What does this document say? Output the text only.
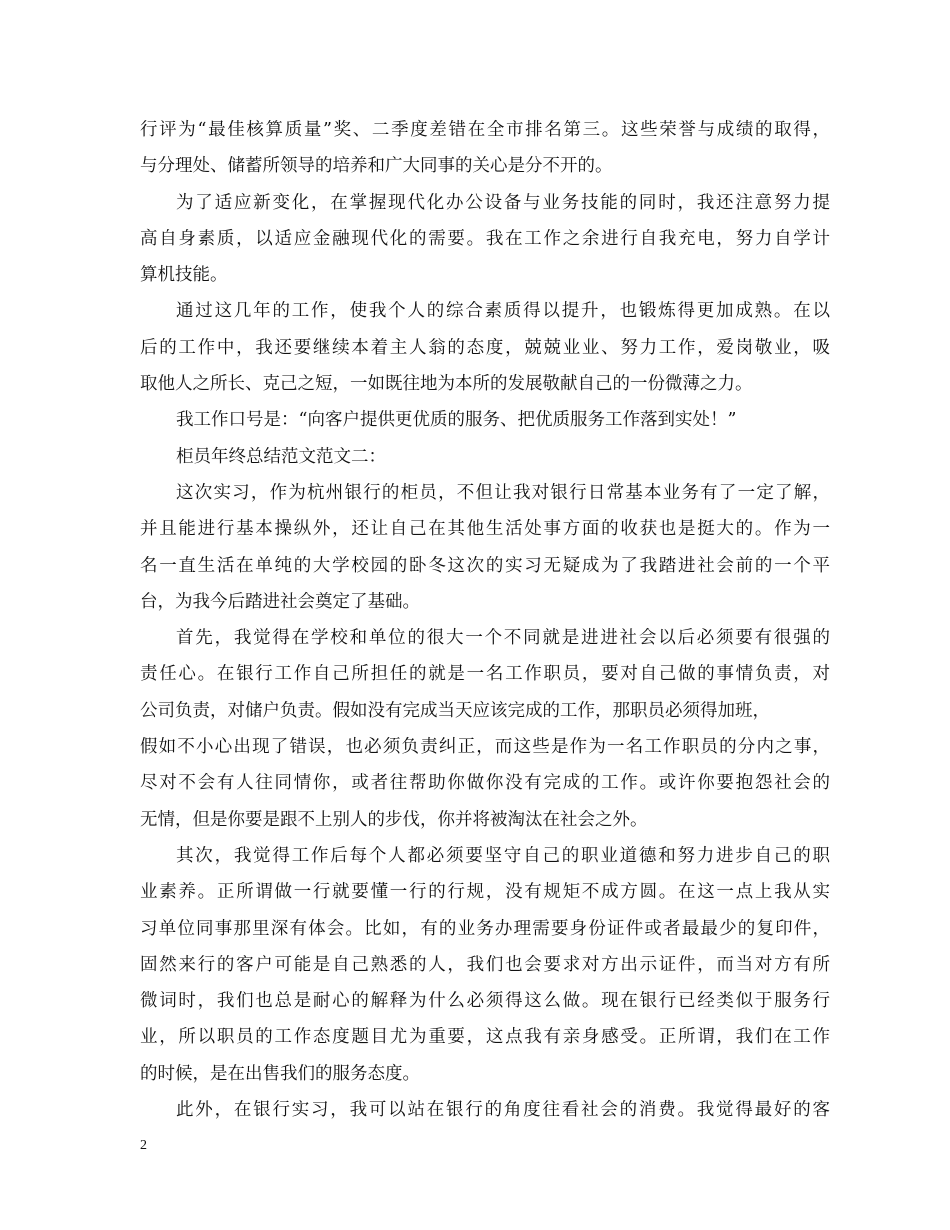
行评为“最佳核算质量”奖、二季度差错在全市排名第三。这些荣誉与成绩的取得，
与分理处、储蓄所领导的培养和广大同事的关心是分不开的。
为了适应新变化，在掌握现代化办公设备与业务技能的同时，我还注意努力提
高自身素质，以适应金融现代化的需要。我在工作之余进行自我充电，努力自学计
算机技能。
通过这几年的工作，使我个人的综合素质得以提升，也锻炼得更加成熟。在以
后的工作中，我还要继续本着主人翁的态度，兢兢业业、努力工作，爱岗敬业，吸
取他人之所长、克己之短，一如既往地为本所的发展敬献自己的一份微薄之力。
我工作口号是：“向客户提供更优质的服务、把优质服务工作落到实处！”
柜员年终总结范文范文二：
这次实习，作为杭州银行的柜员，不但让我对银行日常基本业务有了一定了解，
并且能进行基本操纵外，还让自己在其他生活处事方面的收获也是挺大的。作为一
名一直生活在单纯的大学校园的卧冬这次的实习无疑成为了我踏进社会前的一个平
台，为我今后踏进社会奠定了基础。
首先，我觉得在学校和单位的很大一个不同就是进进社会以后必须要有很强的
责任心。在银行工作自己所担任的就是一名工作职员，要对自己做的事情负责，对
公司负责，对储户负责。假如没有完成当天应该完成的工作，那职员必须得加班，
假如不小心出现了错误，也必须负责纠正，而这些是作为一名工作职员的分内之事，
尽对不会有人往同情你，或者往帮助你做你没有完成的工作。或许你要抱怨社会的
无情，但是你要是跟不上别人的步伐，你并将被淘汰在社会之外。
其次，我觉得工作后每个人都必须要坚守自己的职业道德和努力进步自己的职
业素养。正所谓做一行就要懂一行的行规，没有规矩不成方圆。在这一点上我从实
习单位同事那里深有体会。比如，有的业务办理需要身份证件或者最最少的复印件，
固然来行的客户可能是自己熟悉的人，我们也会要求对方出示证件，而当对方有所
微词时，我们也总是耐心的解释为什么必须得这么做。现在银行已经类似于服务行
业，所以职员的工作态度题目尤为重要，这点我有亲身感受。正所谓，我们在工作
的时候，是在出售我们的服务态度。
此外，在银行实习，我可以站在银行的角度往看社会的消费。我觉得最好的客
2
